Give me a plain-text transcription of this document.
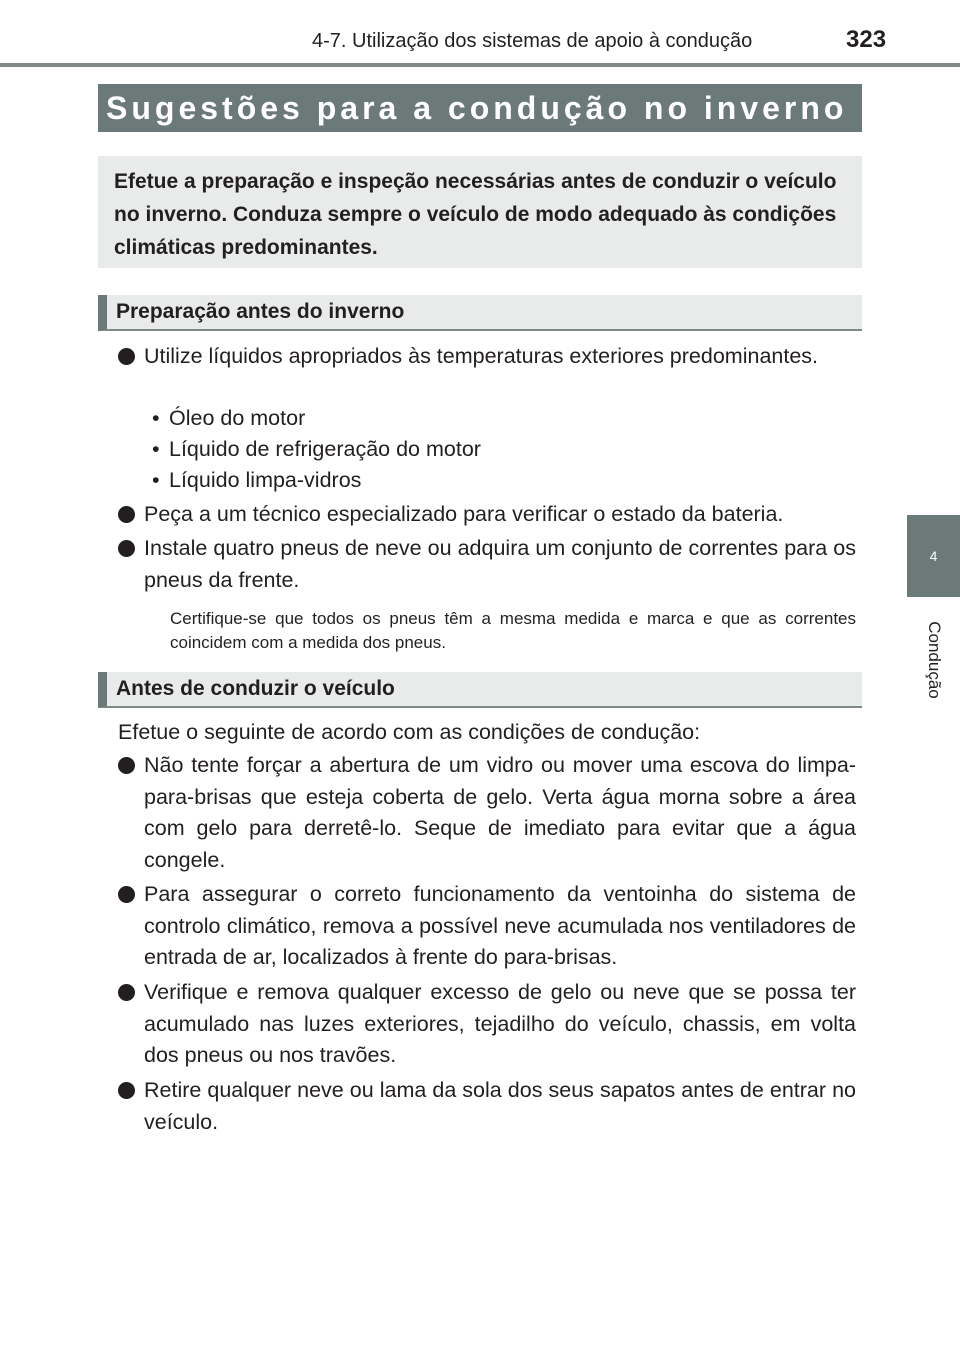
4-7. Utilização dos sistemas de apoio à condução	323
4
Condução
Sugestões para a condução no inverno
Efetue a preparação e inspeção necessárias antes de conduzir o veículo no inverno. Conduza sempre o veículo de modo adequado às condições climáticas predominantes.
Preparação antes do inverno
Utilize líquidos apropriados às temperaturas exteriores predominantes.
• Óleo do motor
• Líquido de refrigeração do motor
• Líquido limpa-vidros
Peça a um técnico especializado para verificar o estado da bateria.
Instale quatro pneus de neve ou adquira um conjunto de correntes para os pneus da frente.
Certifique-se que todos os pneus têm a mesma medida e marca e que as correntes coincidem com a medida dos pneus.
Antes de conduzir o veículo
Efetue o seguinte de acordo com as condições de condução:
Não tente forçar a abertura de um vidro ou mover uma escova do limpa-para-brisas que esteja coberta de gelo. Verta água morna sobre a área com gelo para derretê-lo. Seque de imediato para evitar que a água congele.
Para assegurar o correto funcionamento da ventoinha do sistema de controlo climático, remova a possível neve acumulada nos ventiladores de entrada de ar, localizados à frente do para-brisas.
Verifique e remova qualquer excesso de gelo ou neve que se possa ter acumulado nas luzes exteriores, tejadilho do veículo, chassis, em volta dos pneus ou nos travões.
Retire qualquer neve ou lama da sola dos seus sapatos antes de entrar no veículo.
